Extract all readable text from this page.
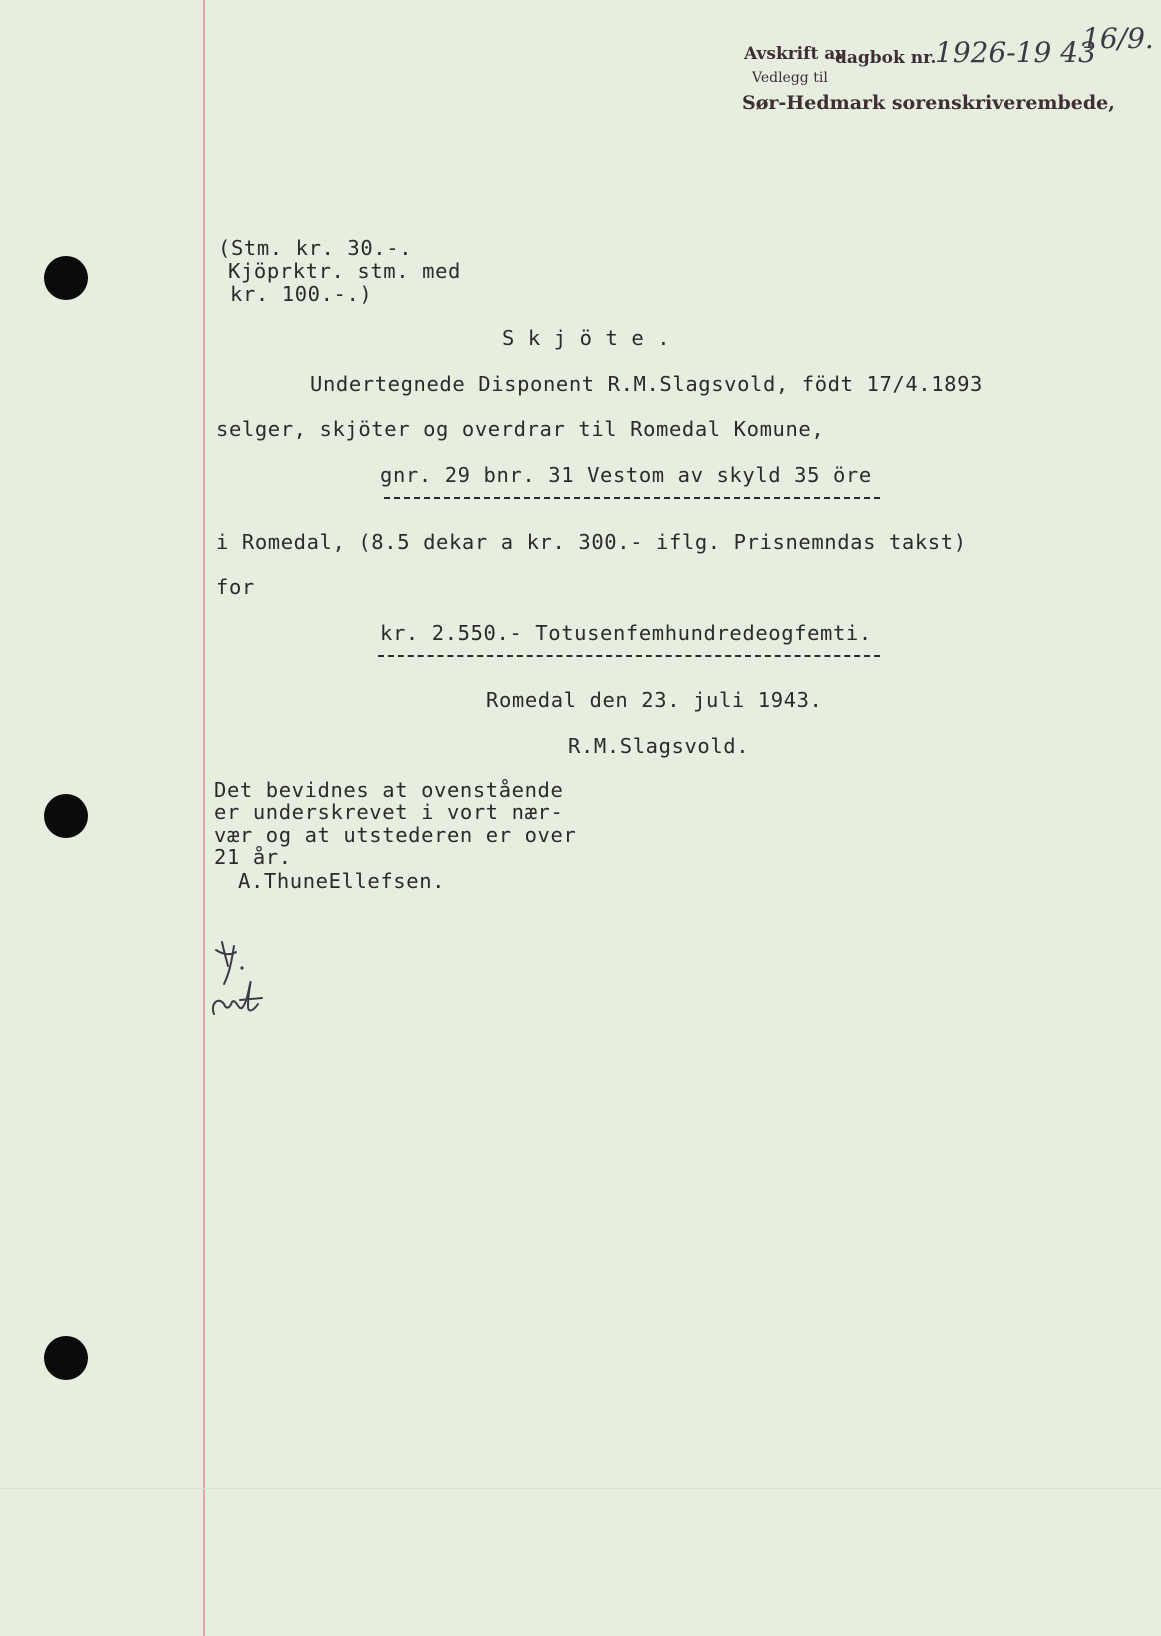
Avskrift av
dagbok nr.
1926-19 43
16/9.
Vedlegg til
Sør-Hedmark sorenskriverembede,
(Stm. kr. 30.-.
Kjöprktr. stm. med
kr. 100.-.)
S k j ö t e .
Undertegnede Disponent R.M.Slagsvold, födt 17/4.1893
selger, skjöter og overdrar til Romedal Komune,
gnr. 29 bnr. 31 Vestom av skyld 35 öre
i Romedal, (8.5 dekar a kr. 300.- iflg. Prisnemndas takst)
for
kr. 2.550.- Totusenfemhundredeogfemti.
Romedal den 23. juli 1943.
R.M.Slagsvold.
Det bevidnes at ovenstående
er underskrevet i vort nær-
vær og at utstederen er over
21 år.
A.ThuneEllefsen.
